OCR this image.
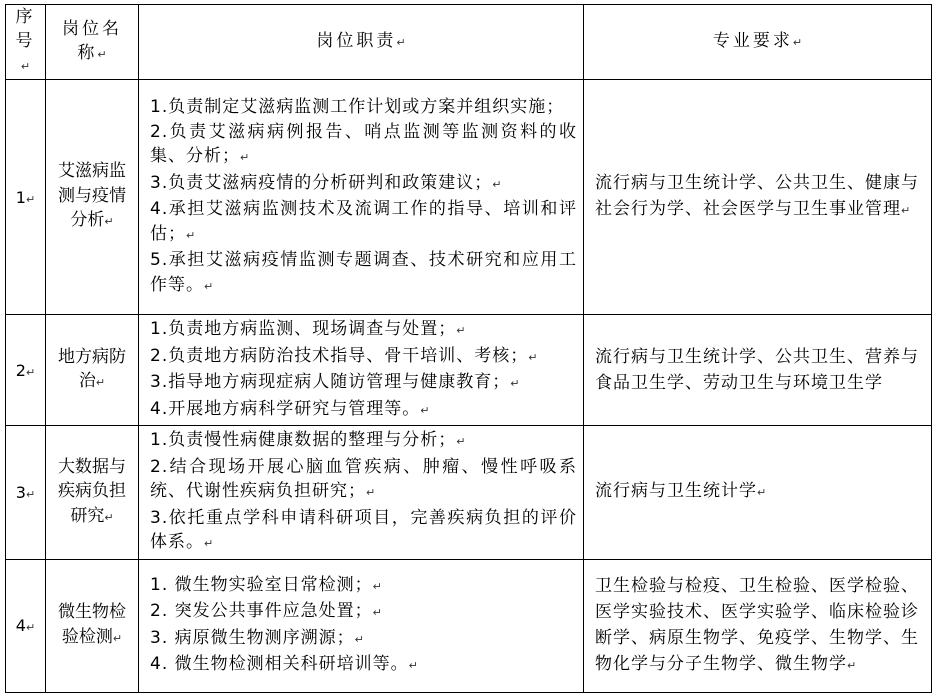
序号↵	岗位名称↵	岗位职责↵	专业要求↵
1↵	艾滋病监测与疫情分析↵	1.负责制定艾滋病监测工作计划或方案并组织实施；
2.负责艾滋病病例报告、哨点监测等监测资料的收集、分析；↵
3.负责艾滋病疫情的分析研判和政策建议；↵
4.承担艾滋病监测技术及流调工作的指导、培训和评估；↵
5.承担艾滋病疫情监测专题调查、技术研究和应用工作等。↵	流行病与卫生统计学、公共卫生、健康与社会行为学、社会医学与卫生事业管理↵
2↵	地方病防治↵	1.负责地方病监测、现场调查与处置；↵
2.负责地方病防治技术指导、骨干培训、考核；↵
3.指导地方病现症病人随访管理与健康教育；↵
4.开展地方病科学研究与管理等。↵	流行病与卫生统计学、公共卫生、营养与食品卫生学、劳动卫生与环境卫生学
3↵	大数据与疾病负担研究↵	1.负责慢性病健康数据的整理与分析；↵
2.结合现场开展心脑血管疾病、肿瘤、慢性呼吸系统、代谢性疾病负担研究；↵
3.依托重点学科申请科研项目，完善疾病负担的评价体系。↵	流行病与卫生统计学↵
4↵	微生物检验检测↵	1. 微生物实验室日常检测；↵
2. 突发公共事件应急处置；↵
3. 病原微生物测序溯源；↵
4. 微生物检测相关科研培训等。↵	卫生检验与检疫、卫生检验、医学检验、医学实验技术、医学实验学、临床检验诊断学、病原生物学、免疫学、生物学、生物化学与分子生物学、微生物学↵
